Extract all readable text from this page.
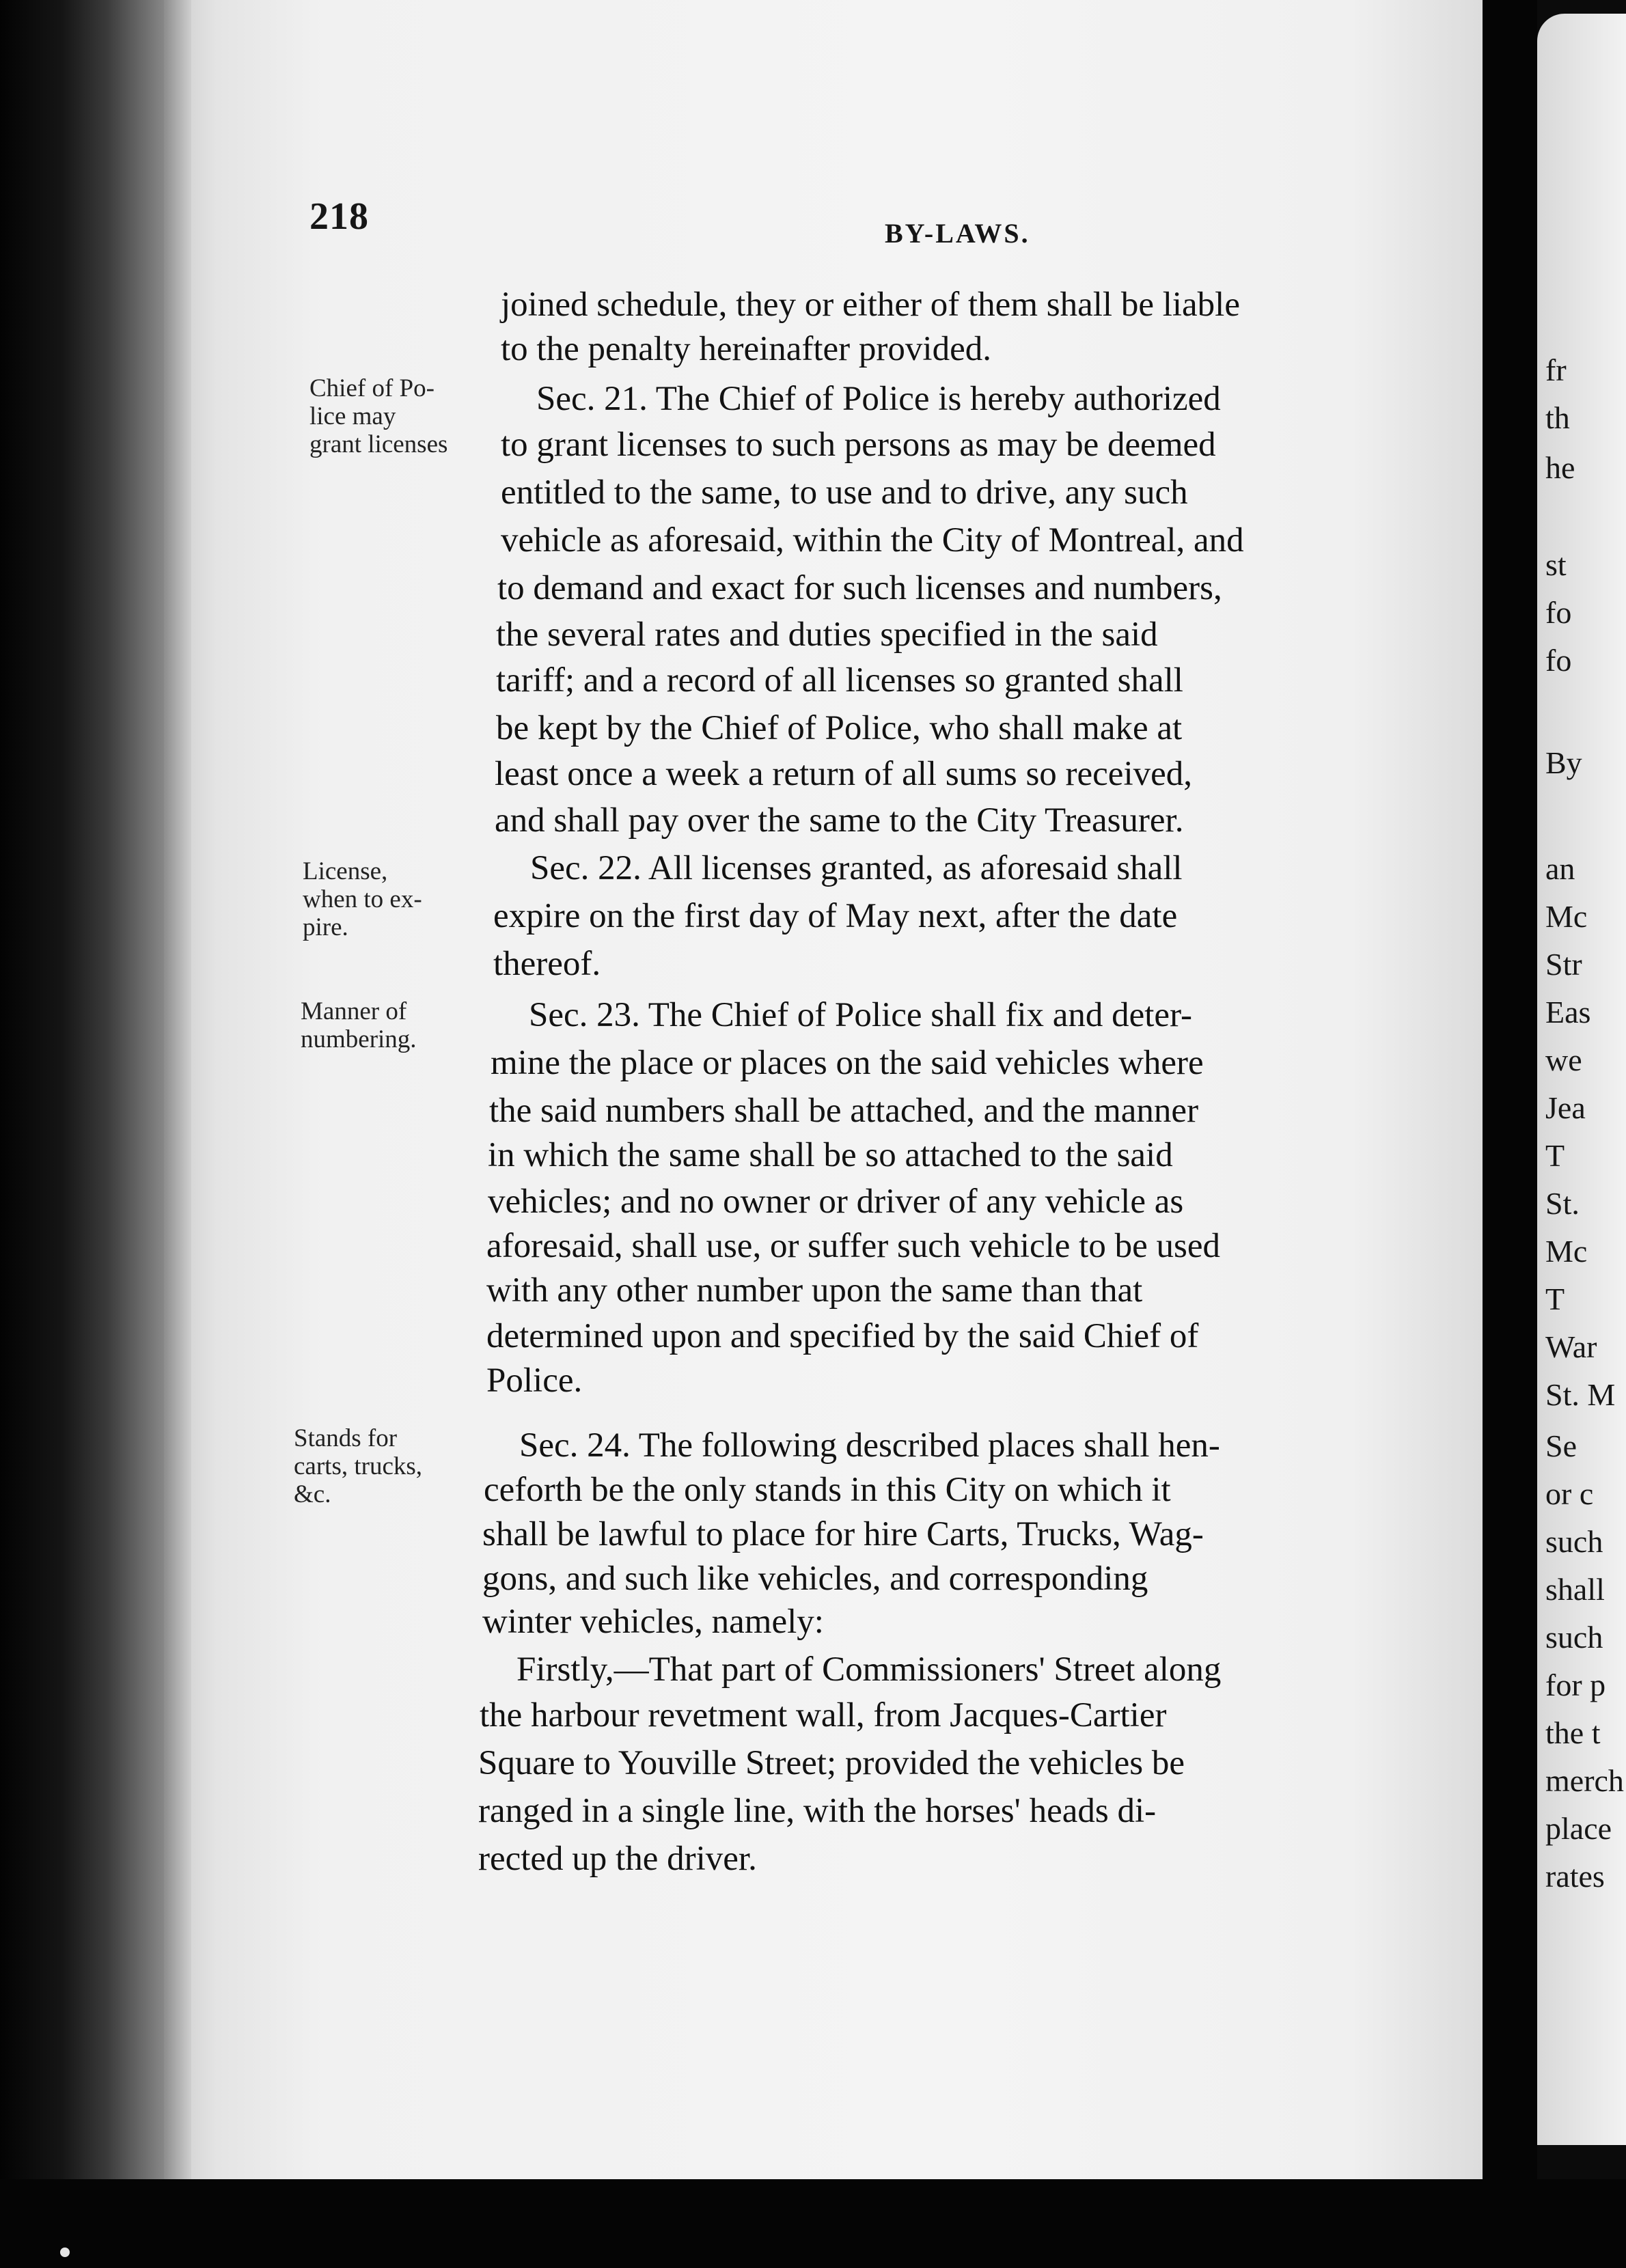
218	BY-LAWS.
Chief of Po-
lice may
grant licenses
License,
when to ex-
pire.
Manner of
numbering.
Stands for
carts, trucks,
&c.
joined schedule, they or either of them shall be liable
to the penalty hereinafter provided.
Sec. 21. The Chief of Police is hereby authorized
to grant licenses to such persons as may be deemed
entitled to the same, to use and to drive, any such
vehicle as aforesaid, within the City of Montreal, and
to demand and exact for such licenses and numbers,
the several rates and duties specified in the said
tariff; and a record of all licenses so granted shall
be kept by the Chief of Police, who shall make at
least once a week a return of all sums so received,
and shall pay over the same to the City Treasurer.
Sec. 22. All licenses granted, as aforesaid shall
expire on the first day of May next, after the date
thereof.
Sec. 23. The Chief of Police shall fix and deter-
mine the place or places on the said vehicles where
the said numbers shall be attached, and the manner
in which the same shall be so attached to the said
vehicles; and no owner or driver of any vehicle as
aforesaid, shall use, or suffer such vehicle to be used
with any other number upon the same than that
determined upon and specified by the said Chief of
Police.
Sec. 24. The following described places shall hen-
ceforth be the only stands in this City on which it
shall be lawful to place for hire Carts, Trucks, Wag-
gons, and such like vehicles, and corresponding
winter vehicles, namely:
Firstly,—That part of Commissioners' Street along
the harbour revetment wall, from Jacques-Cartier
Square to Youville Street; provided the vehicles be
ranged in a single line, with the horses' heads di-
rected up the driver.
fr
th
he
st
fo
fo
By
an
Mc
Str
Eas
we
Jea
T
St.
Mc
T
War
St. M
Se
or c
such
shall
such
for p
the t
merch
place
rates
